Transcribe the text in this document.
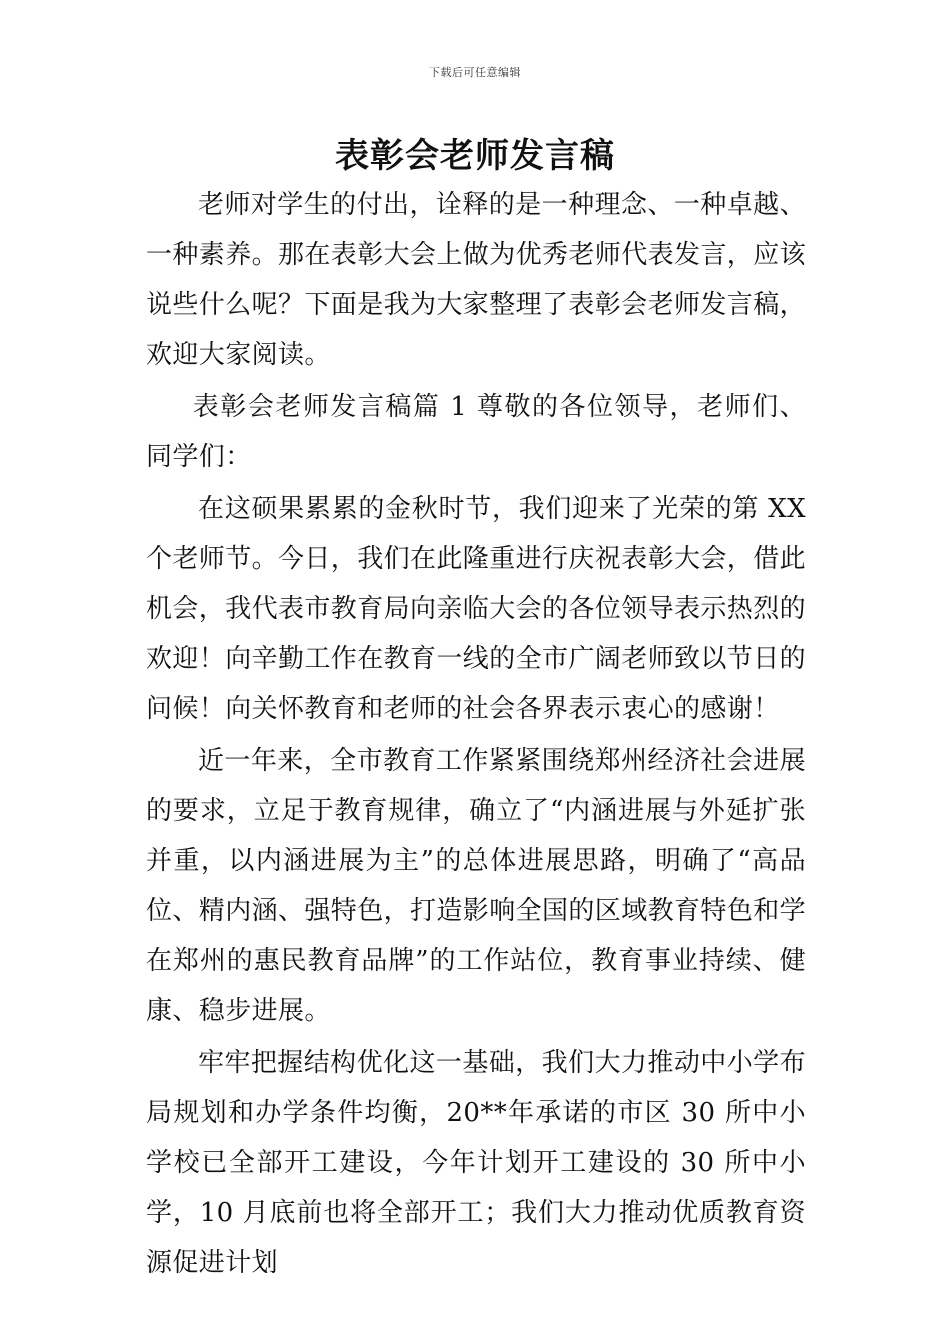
下载后可任意编辑
表彰会老师发言稿

老师对学生的付出，诠释的是一种理念、一种卓越、一种素养。那在表彰大会上做为优秀老师代表发言，应该说些什么呢？下面是我为大家整理了表彰会老师发言稿，欢迎大家阅读。

表彰会老师发言稿篇 1 尊敬的各位领导，老师们、同学们：

在这硕果累累的金秋时节，我们迎来了光荣的第 XX 个老师节。今日，我们在此隆重进行庆祝表彰大会，借此机会，我代表市教育局向亲临大会的各位领导表示热烈的欢迎！向辛勤工作在教育一线的全市广阔老师致以节日的问候！向关怀教育和老师的社会各界表示衷心的感谢！

近一年来，全市教育工作紧紧围绕郑州经济社会进展的要求，立足于教育规律，确立了“内涵进展与外延扩张并重，以内涵进展为主”的总体进展思路，明确了“高品位、精内涵、强特色，打造影响全国的区域教育特色和学在郑州的惠民教育品牌”的工作站位，教育事业持续、健康、稳步进展。

牢牢把握结构优化这一基础，我们大力推动中小学布局规划和办学条件均衡，20**年承诺的市区 30 所中小学校已全部开工建设，今年计划开工建设的 30 所中小学，10 月底前也将全部开工；我们大力推动优质教育资源促进计划
